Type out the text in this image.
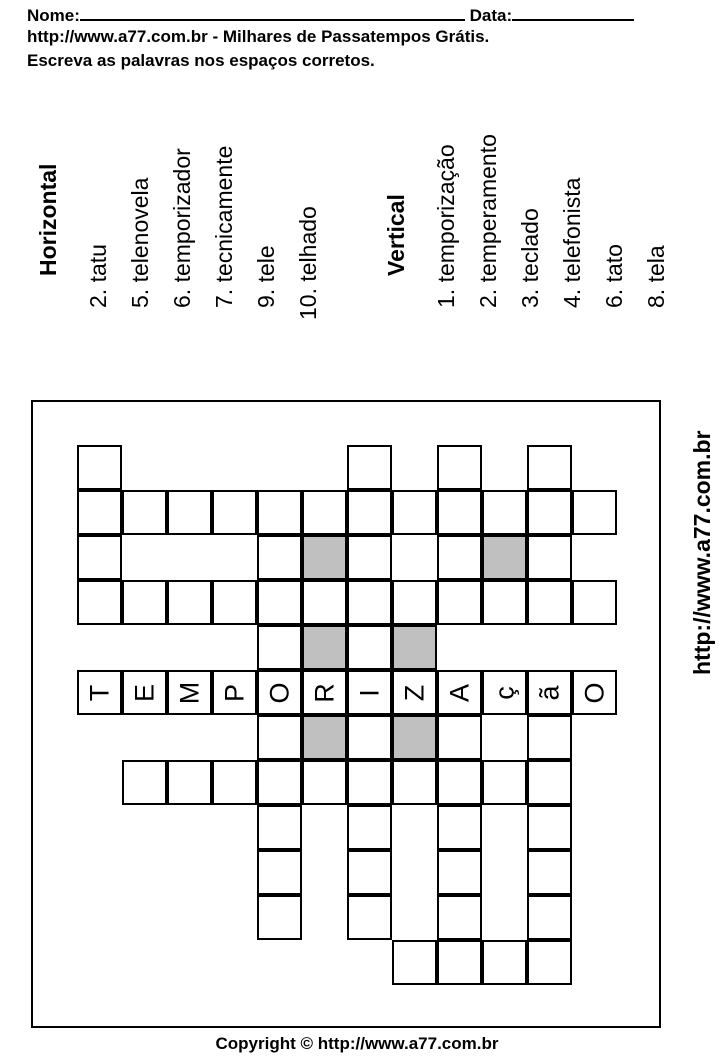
Nome:	Data:
http://www.a77.com.br - Milhares de Passatempos Grátis.
Escreva as palavras nos espaços corretos.
Horizontal
2. tatu 5. telenovela 6. temporizador 7. tecnicamente 9. tele 10. telhado	Vertical 1. temporização 2. temperamento 3. teclado 4. telefonista 6. tato 8. tela
T E M P O R I Z A ç ã O
http://www.a77.com.br
Copyright © http://www.a77.com.br
